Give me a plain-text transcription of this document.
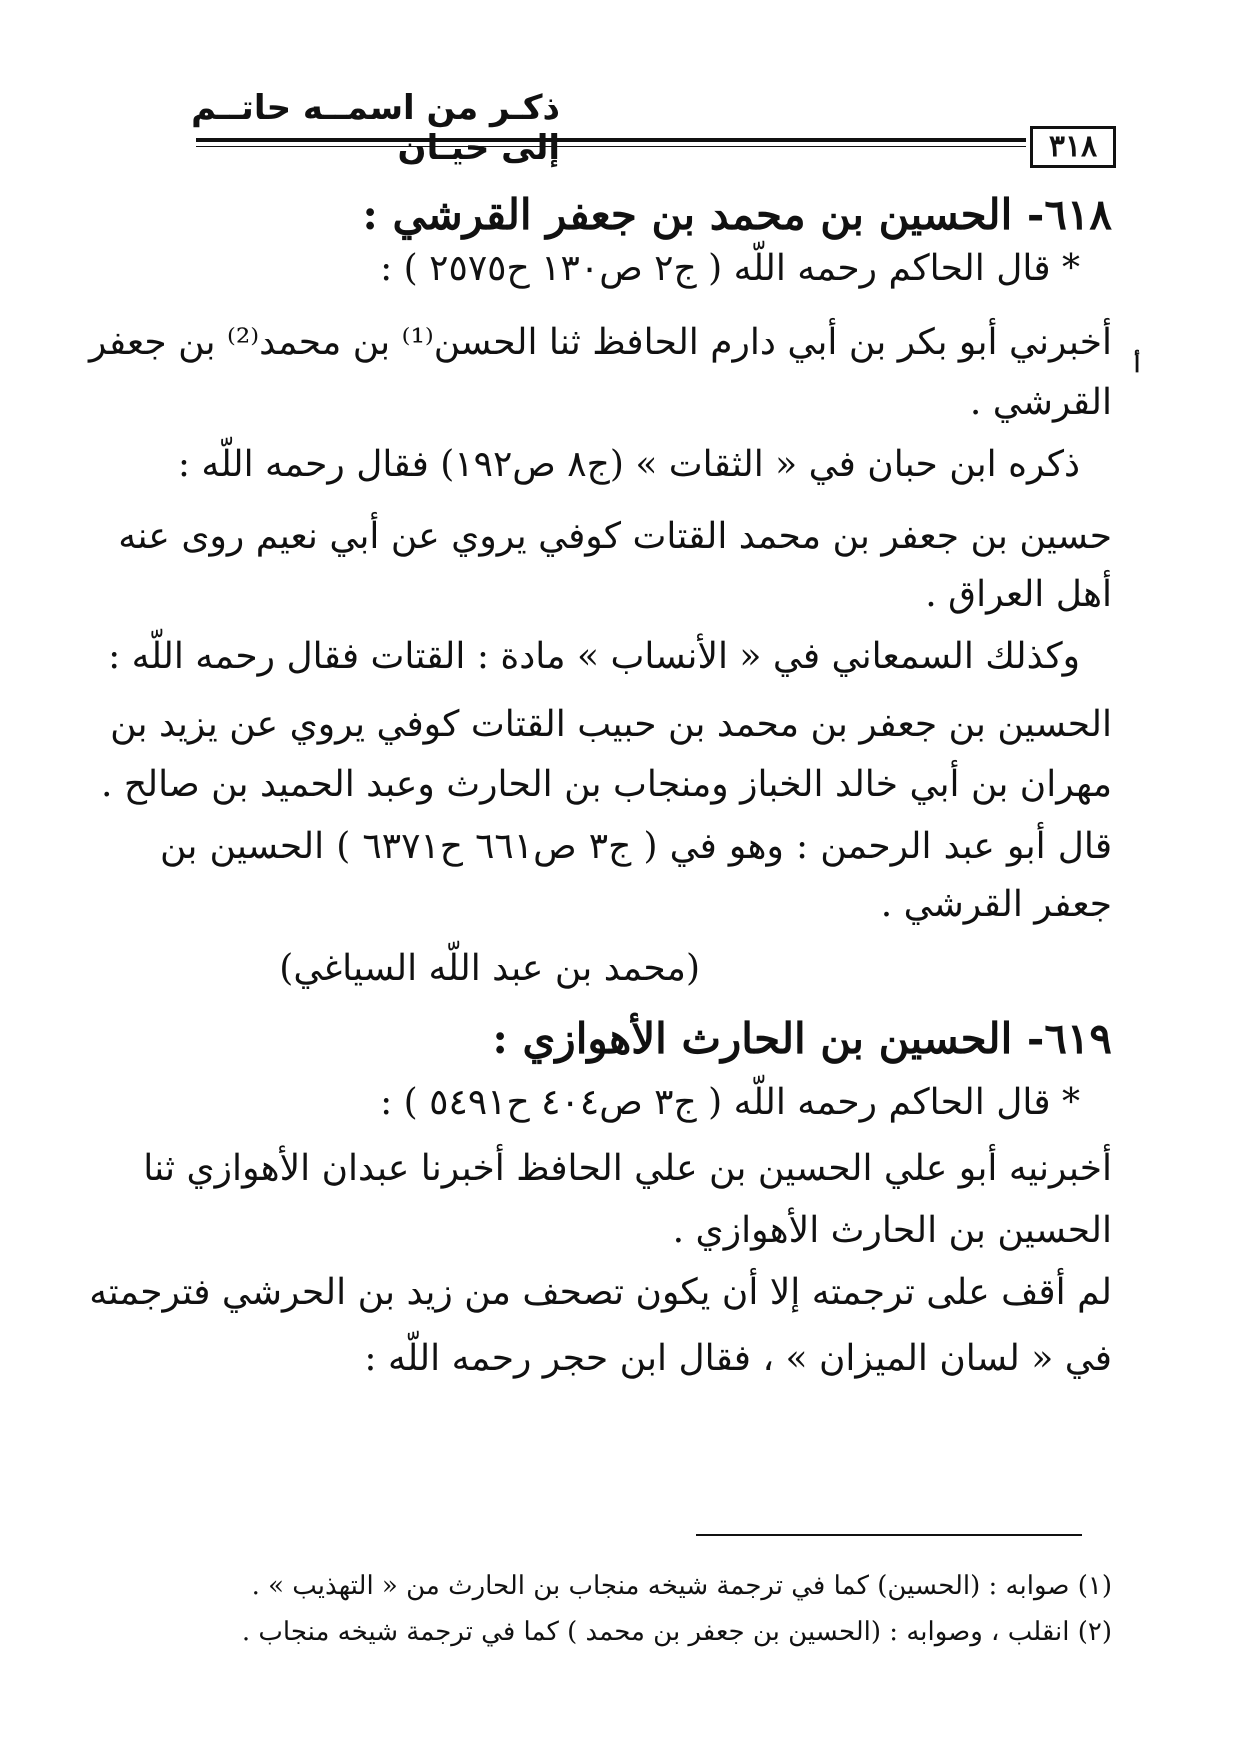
ذكـر من اسمــه حاتــم إلى حيـان	٣١٨
٦١٨- الحسين بن محمد بن جعفر القرشي :
* قال الحاكم رحمه اللّه ( ج٢ ص١٣٠ ح٢٥٧٥ ) :
أ
أخبرني أبو بكر بن أبي دارم الحافظ ثنا الحسن⁽¹⁾ بن محمد⁽²⁾ بن جعفر
القرشي .
ذكره ابن حبان في « الثقات » (ج٨ ص١٩٢) فقال رحمه اللّه :
حسين بن جعفر بن محمد القتات كوفي يروي عن أبي نعيم روى عنه
أهل العراق .
وكذلك السمعاني في « الأنساب » مادة : القتات فقال رحمه اللّه :
الحسين بن جعفر بن محمد بن حبيب القتات كوفي يروي عن يزيد بن
مهران بن أبي خالد الخباز ومنجاب بن الحارث وعبد الحميد بن صالح .
قال أبو عبد الرحمن : وهو في ( ج٣ ص٦٦١ ح٦٣٧١ ) الحسين بن
جعفر القرشي .
(محمد بن عبد اللّه السياغي)
٦١٩- الحسين بن الحارث الأهوازي :
* قال الحاكم رحمه اللّه ( ج٣ ص٤٠٤ ح٥٤٩١ ) :
أخبرنيه أبو علي الحسين بن علي الحافظ أخبرنا عبدان الأهوازي ثنا
الحسين بن الحارث الأهوازي .
لم أقف على ترجمته إلا أن يكون تصحف من زيد بن الحرشي فترجمته
في « لسان الميزان » ، فقال ابن حجر رحمه اللّه :
(١) صوابه : (الحسين) كما في ترجمة شيخه منجاب بن الحارث من « التهذيب » .
(٢) انقلب ، وصوابه : (الحسين بن جعفر بن محمد ) كما في ترجمة شيخه منجاب .
